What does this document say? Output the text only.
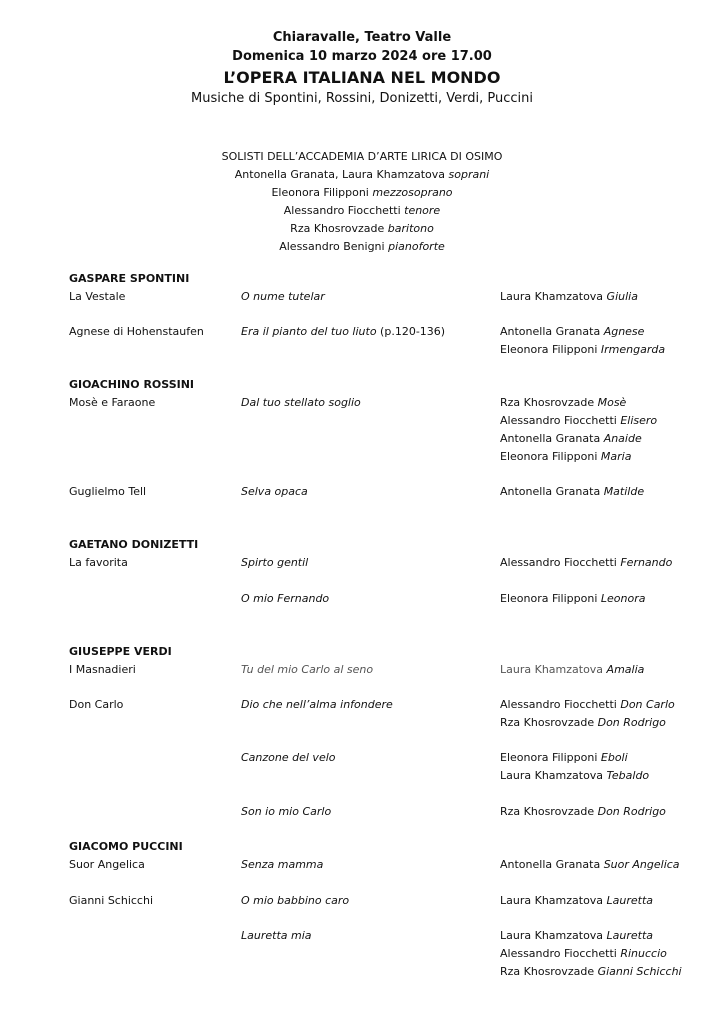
Chiaravalle, Teatro Valle
Domenica 10 marzo 2024 ore 17.00
L’OPERA ITALIANA NEL MONDO
Musiche di Spontini, Rossini, Donizetti, Verdi, Puccini
SOLISTI DELL’ACCADEMIA D’ARTE LIRICA DI OSIMO
Antonella Granata, Laura Khamzatova soprani
Eleonora Filipponi mezzosoprano
Alessandro Fiocchetti tenore
Rza Khosrovzade baritono
Alessandro Benigni pianoforte
GASPARE SPONTINI
La Vestale	O nume tutelar	Laura Khamzatova Giulia
Agnese di Hohenstaufen	Era il pianto del tuo liuto (p.120-136)	Antonella Granata Agnese
Eleonora Filipponi Irmengarda
GIOACHINO ROSSINI
Mosè e Faraone	Dal tuo stellato soglio	Rza Khosrovzade Mosè
Alessandro Fiocchetti Elisero
Antonella Granata Anaide
Eleonora Filipponi Maria
Guglielmo Tell	Selva opaca	Antonella Granata Matilde
GAETANO DONIZETTI
La favorita	Spirto gentil	Alessandro Fiocchetti Fernando
O mio Fernando	Eleonora Filipponi Leonora
GIUSEPPE VERDI
I Masnadieri	Tu del mio Carlo al seno	Laura Khamzatova Amalia
Don Carlo	Dio che nell’alma infondere	Alessandro Fiocchetti Don Carlo
Rza Khosrovzade Don Rodrigo
Canzone del velo	Eleonora Filipponi Eboli
Laura Khamzatova Tebaldo
Son io mio Carlo	Rza Khosrovzade Don Rodrigo
GIACOMO PUCCINI
Suor Angelica	Senza mamma	Antonella Granata Suor Angelica
Gianni Schicchi	O mio babbino caro	Laura Khamzatova Lauretta
Lauretta mia	Laura Khamzatova Lauretta
Alessandro Fiocchetti Rinuccio
Rza Khosrovzade Gianni Schicchi
